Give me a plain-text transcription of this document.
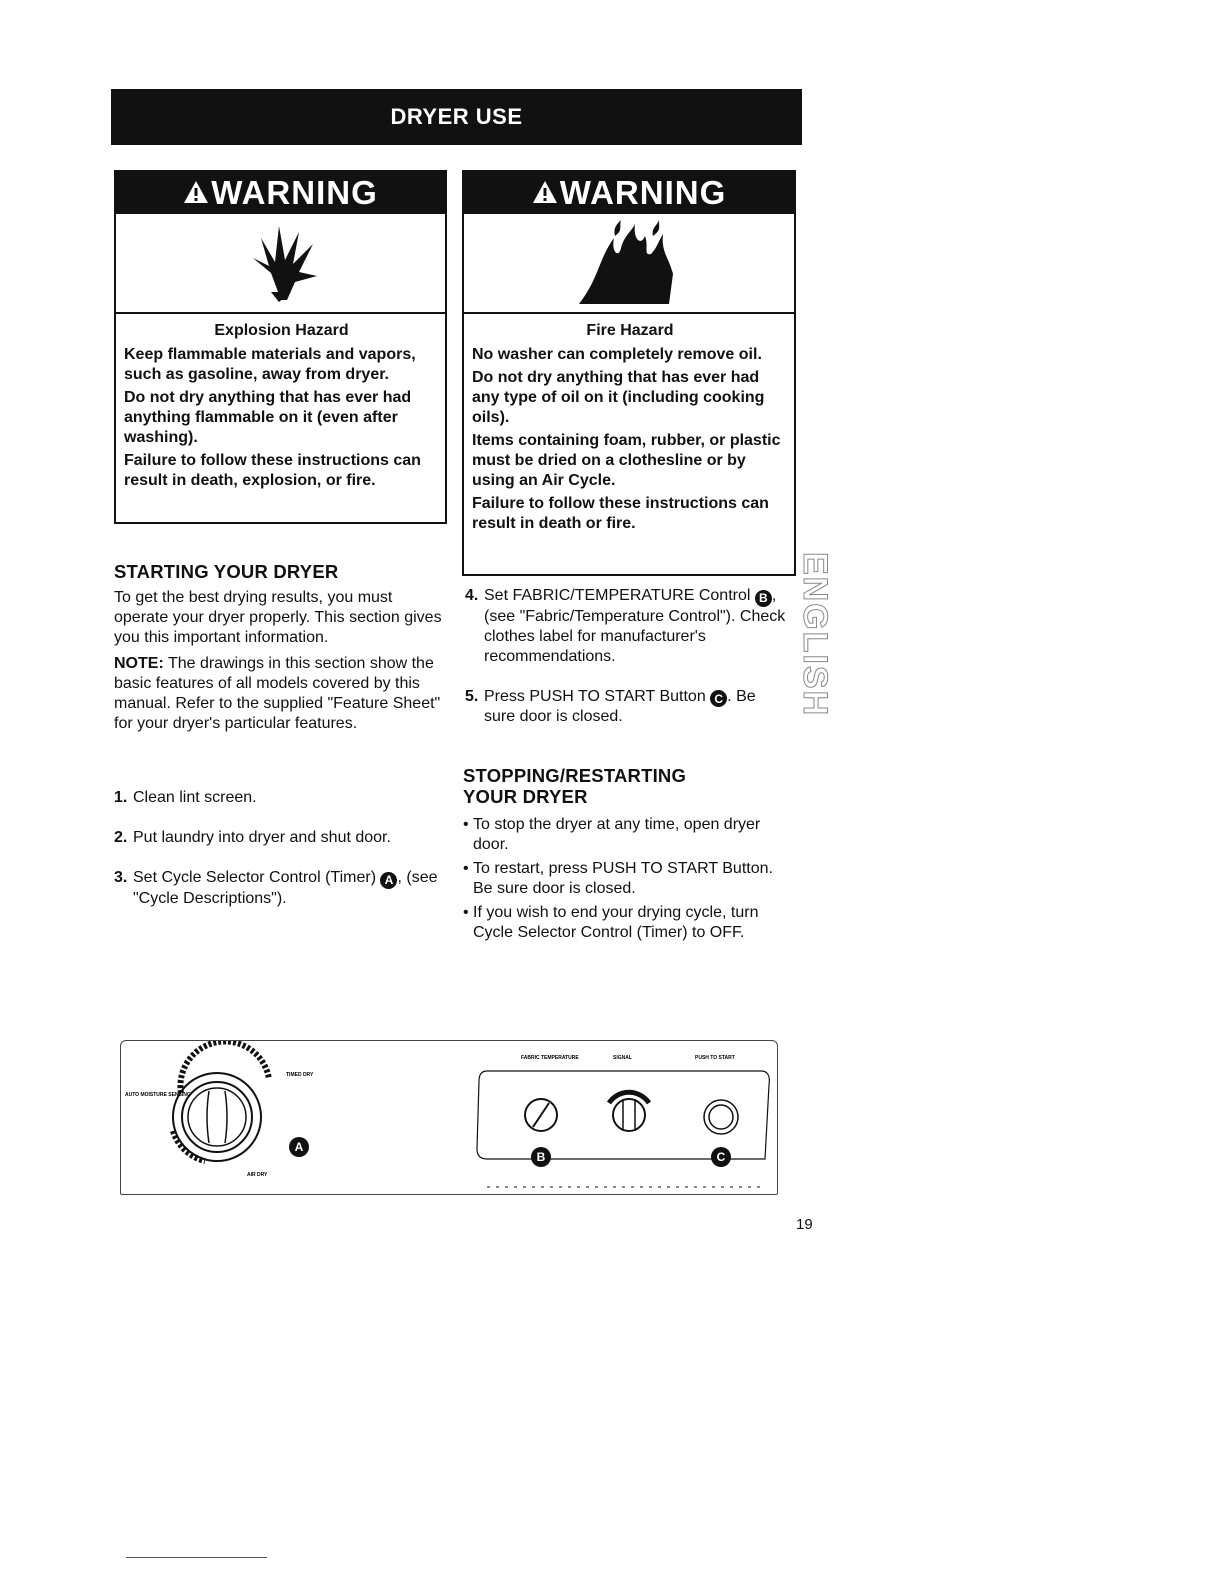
DRYER USE
WARNING
Explosion Hazard

Keep flammable materials and vapors, such as gasoline, away from dryer.

Do not dry anything that has ever had anything flammable on it (even after washing).

Failure to follow these instructions can result in death, explosion, or fire.

WARNING
Fire Hazard

No washer can completely remove oil.

Do not dry anything that has ever had any type of oil on it (including cooking oils).

Items containing foam, rubber, or plastic must be dried on a clothesline or by using an Air Cycle.

Failure to follow these instructions can result in death or fire.

STARTING YOUR DRYER

To get the best drying results, you must operate your dryer properly. This section gives you this important information.

NOTE: The drawings in this section show the basic features of all models covered by this manual. Refer to the supplied "Feature Sheet" for your dryer's particular features.

1. Clean lint screen.
2. Put laundry into dryer and shut door.
3. Set Cycle Selector Control (Timer) A , (see "Cycle Descriptions").
4. Set FABRIC/TEMPERATURE Control B , (see "Fabric/Temperature Control"). Check clothes label for manufacturer's recommendations.
5. Press PUSH TO START Button C . Be sure door is closed.
STOPPING/RESTARTING
YOUR DRYER
• To stop the dryer at any time, open dryer door.
• To restart, press PUSH TO START Button. Be sure door is closed.
• If you wish to end your drying cycle, turn Cycle Selector Control (Timer) to OFF.
ENGLISH
A
B	C
TIMED DRY
AUTO MOISTURE SENSING
AIR DRY
FABRIC TEMPERATURE	SIGNAL	PUSH TO START
19
